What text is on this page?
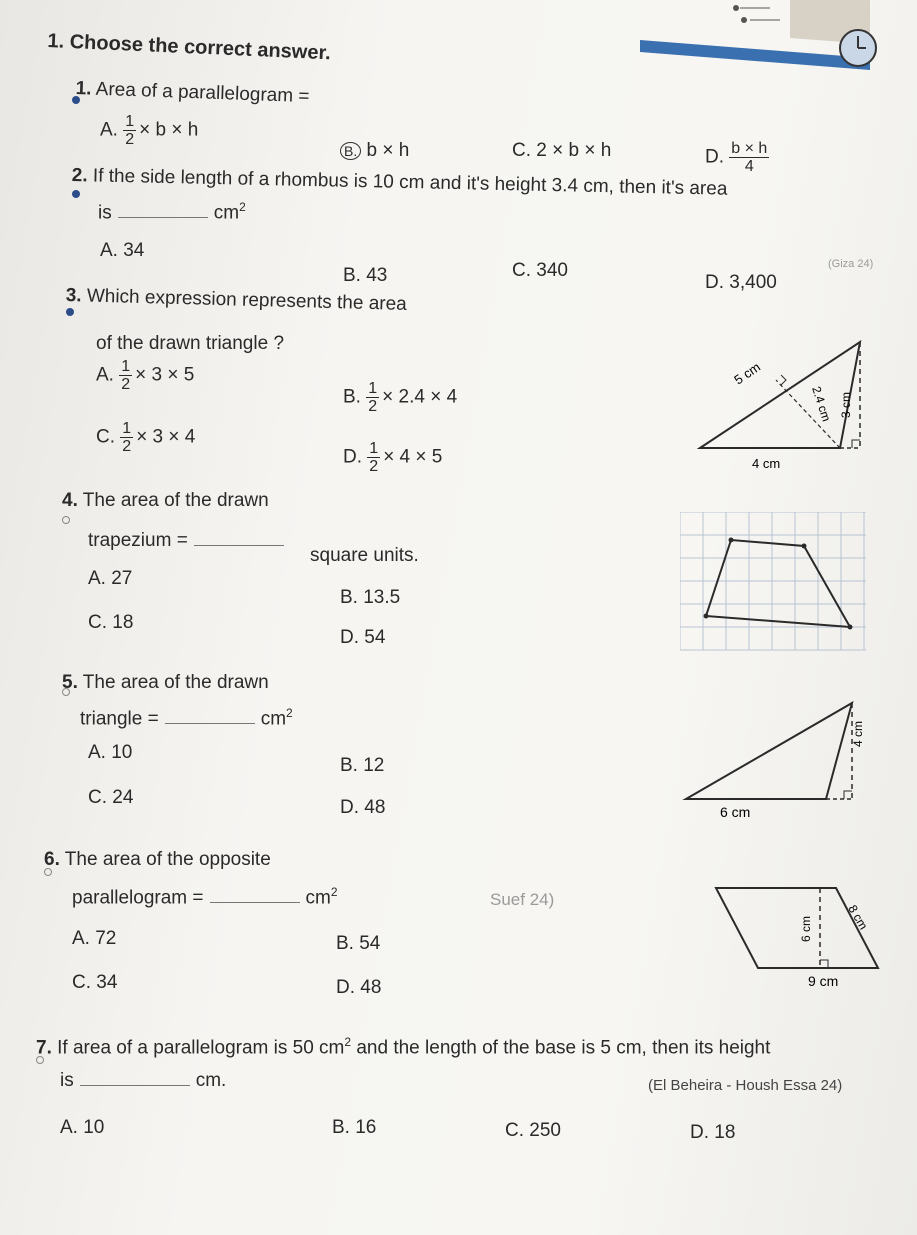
1. Choose the correct answer.
1. Area of a parallelogram =
A. $\frac{1}{2} \times b \times h$
B. b × h	C. 2 × b × h	D. $\frac{b \times h}{4}$
2. If the side length of a rhombus is 10 cm and it's height 3.4 cm, then it's area
is	$cm^2$
A. 34
B. 43	C. 340
D. 3,400
(Giza 24)
3. Which expression represents the area
of the drawn triangle ?
A. $\frac{1}{2} \times 3 \times 5$
B. $\frac{1}{2} \times 2.4 \times 4$
C. $\frac{1}{2} \times 3 \times 4$
D. $\frac{1}{2} \times 4 \times 5$
5 cm
2.4 cm 3 cm
4 cm
4. The area of the drawn
trapezium =
square units.
A. 27
B. 13.5
C. 18
D. 54
5. The area of the drawn
triangle =	$cm^2$
A. 10
B. 12
C. 24	D. 48
4 cm
6 cm
6. The area of the opposite
parallelogram =	$cm^2$	Suef 24)
A. 72	B. 54
C. 34	D. 48
6 cm	8 cm
9 cm
7. If area of a parallelogram is 50 $cm^2$ and the length of the base is 5 cm, then its height
is	cm.	(El Beheira - Housh Essa 24)
A. 10	B. 16	C. 250	D. 18
